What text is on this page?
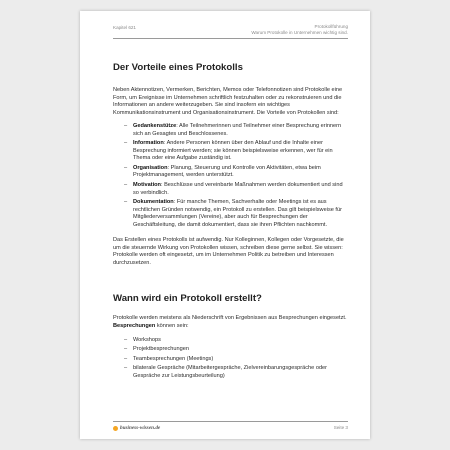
Kapitel 621	Protokollführung
Warum Protokolle in Unternehmen wichtig sind.
Der Vorteile eines Protokolls

Neben Aktennotizen, Vermerken, Berichten, Memos oder Telefonnotizen sind Protokolle eine Form, um Ereignisse im Unternehmen schriftlich festzuhalten oder zu rekonstruieren und die Informationen an andere weiterzugeben. Sie sind insofern ein wichtiges Kommunikationsinstrument und Organisationsinstrument. Die Vorteile von Protokollen sind:

– Gedankenstütze: Alle Teilnehmerinnen und Teilnehmer einer Besprechung erinnern sich an Gesagtes und Beschlossenes.
– Information: Andere Personen können über den Ablauf und die Inhalte einer Besprechung informiert werden; sie können beispielsweise erkennen, wer für ein Thema oder eine Aufgabe zuständig ist.
– Organisation: Planung, Steuerung und Kontrolle von Aktivitäten, etwa beim Projektmanagement, werden unterstützt.
– Motivation: Beschlüsse und vereinbarte Maßnahmen werden dokumentiert und sind so verbindlich.
– Dokumentation: Für manche Themen, Sachverhalte oder Meetings ist es aus rechtlichen Gründen notwendig, ein Protokoll zu erstellen. Das gilt beispielsweise für Mitgliederversammlungen (Vereine), aber auch für Besprechungen der Geschäftsleitung, die damit dokumentiert, dass sie ihren Pflichten nachkommt.

Das Erstellen eines Protokolls ist aufwendig. Nur Kolleginnen, Kollegen oder Vorgesetzte, die um die steuernde Wirkung von Protokollen wissen, schreiben diese gerne selbst. Sie wissen: Protokolle werden oft eingesetzt, um im Unternehmen Politik zu betreiben und Interessen durchzusetzen.

Wann wird ein Protokoll erstellt?

Protokolle werden meistens als Niederschrift von Ergebnissen aus Besprechungen eingesetzt. Besprechungen können sein:

– Workshops
– Projektbesprechungen
– Teambesprechungen (Meetings)
– bilaterale Gespräche (Mitarbeitergespräche, Zielvereinbarungsgespräche oder Gespräche zur Leistungsbeurteilung)
business-wissen.de	Seite 3
